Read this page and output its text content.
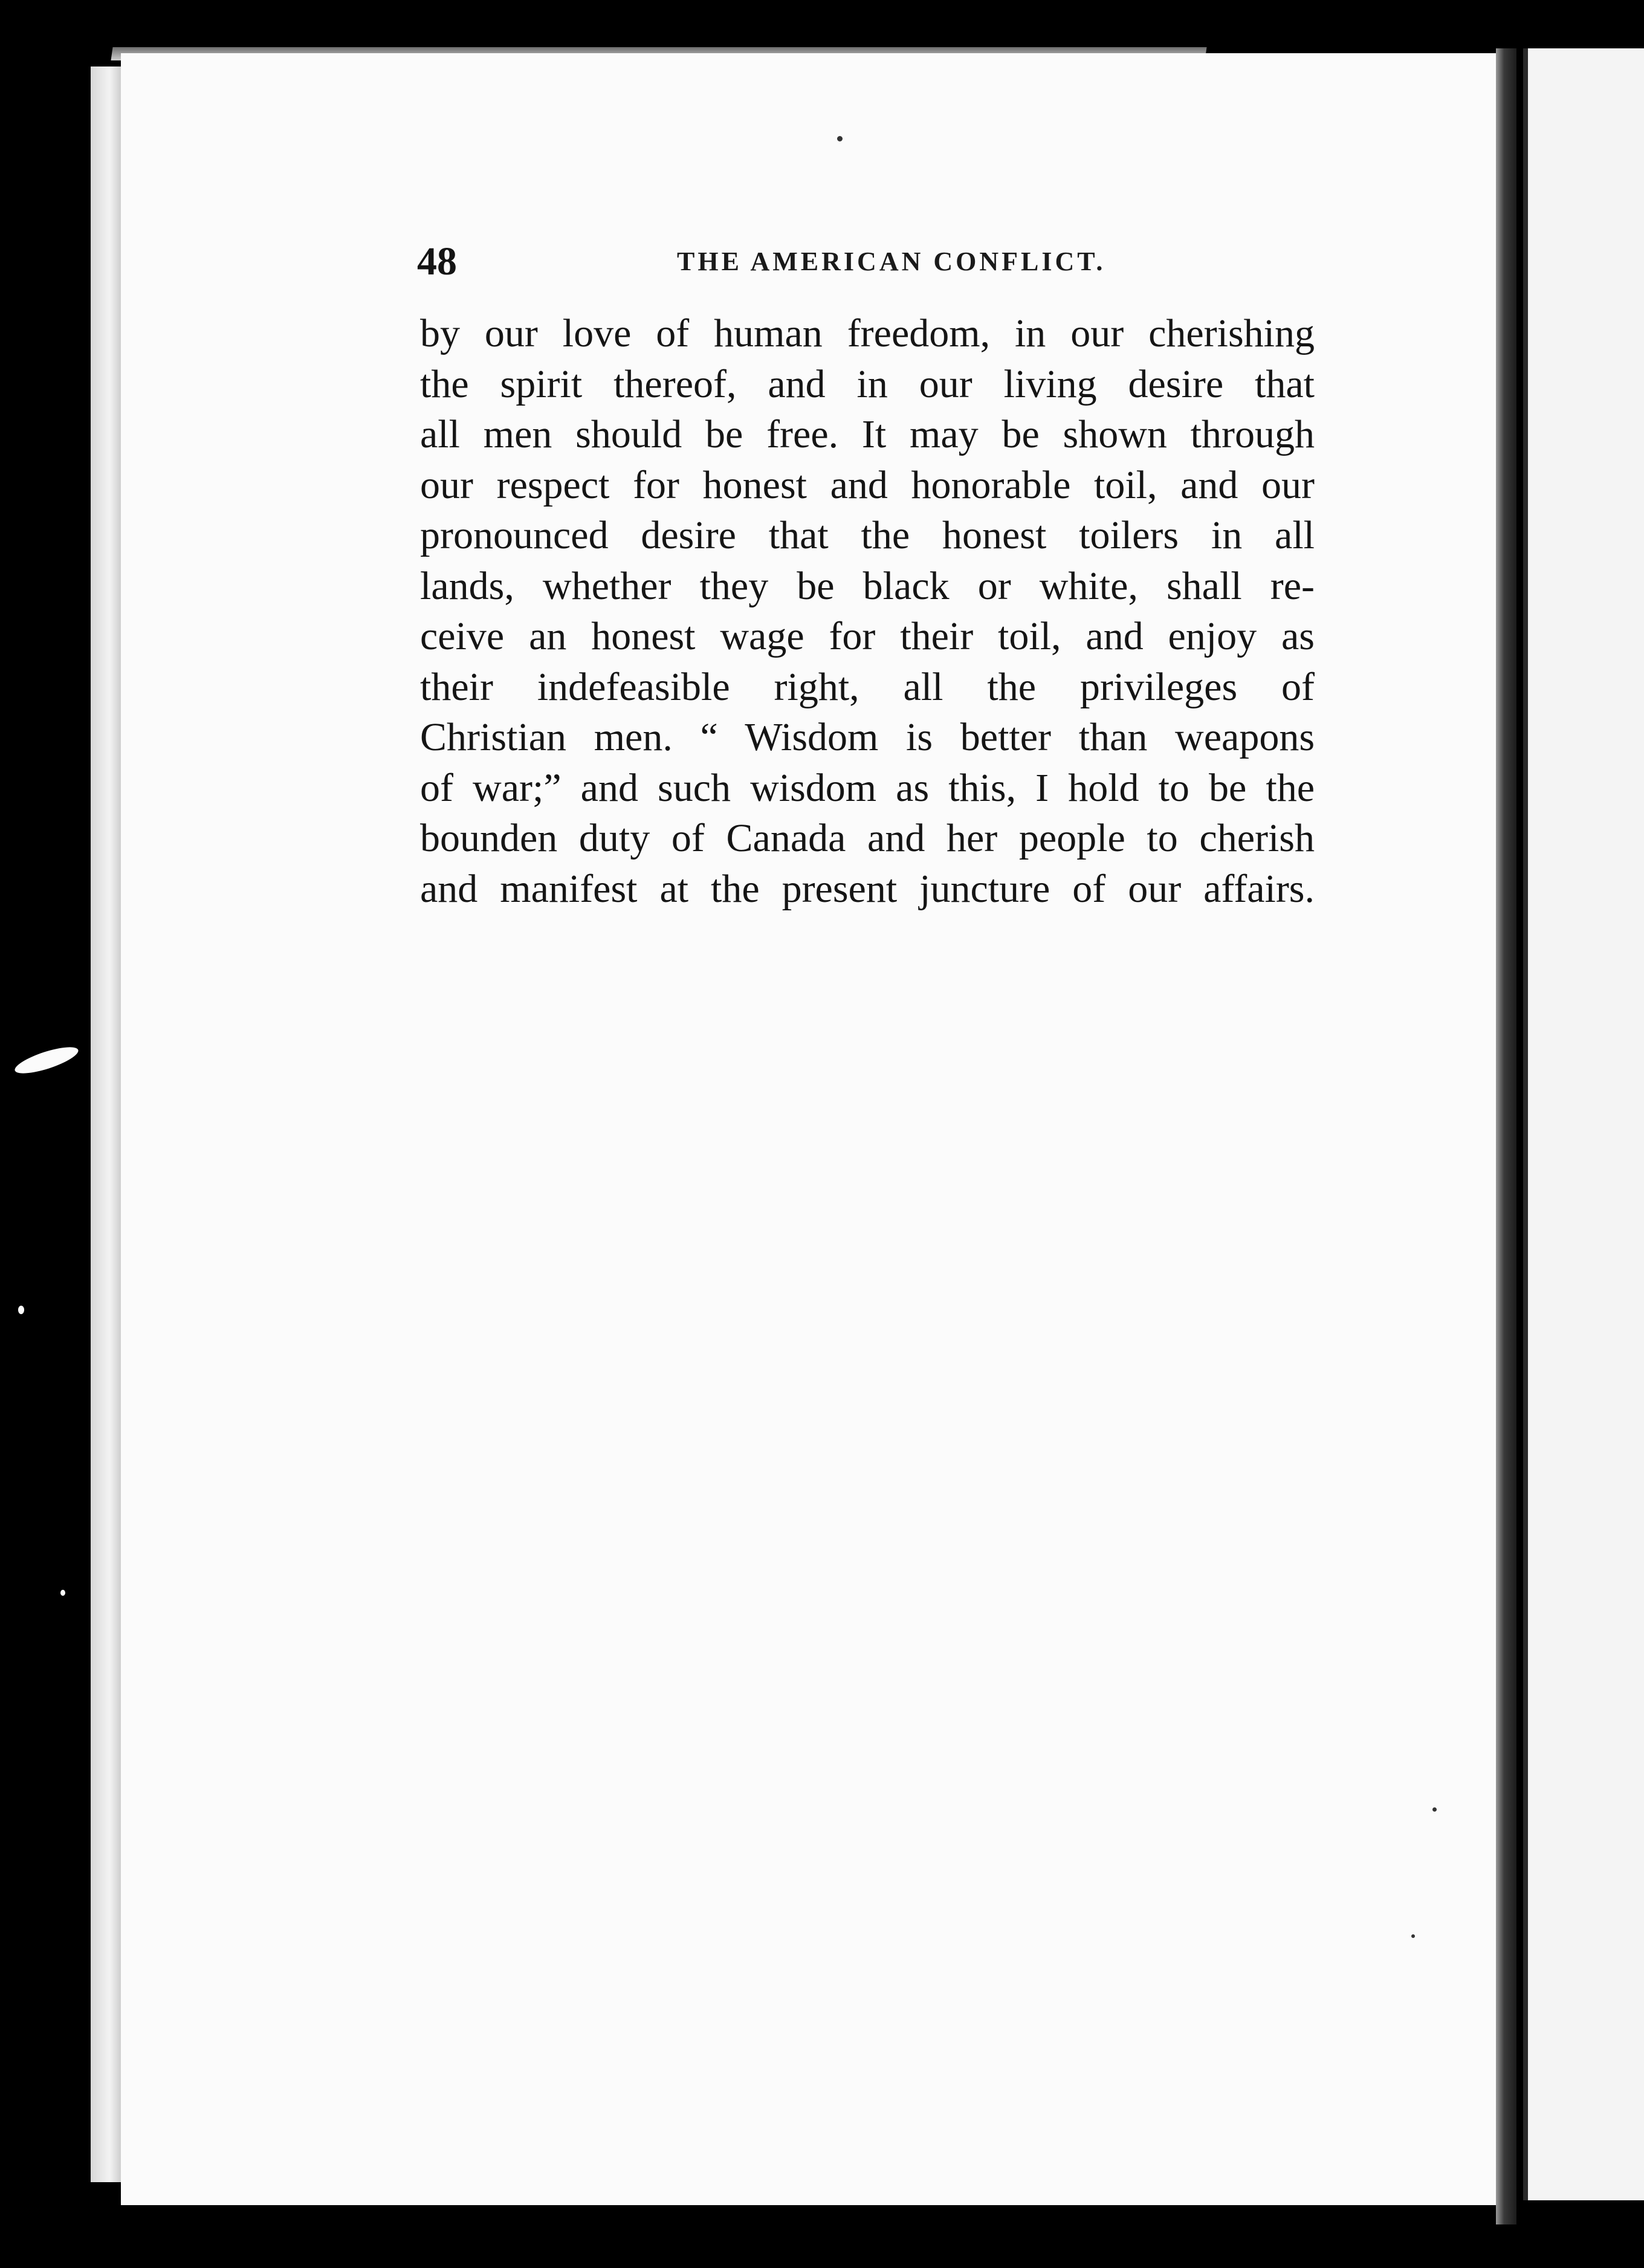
48	THE AMERICAN CONFLICT.
by our love of human freedom, in our cherishing
the spirit thereof, and in our living desire that
all men should be free. It may be shown through
our respect for honest and honorable toil, and our
pronounced desire that the honest toilers in all
lands, whether they be black or white, shall re-
ceive an honest wage for their toil, and enjoy as
their indefeasible right, all the privileges of
Christian men. “ Wisdom is better than weapons
of war;” and such wisdom as this, I hold to be the
bounden duty of Canada and her people to cherish
and manifest at the present juncture of our affairs.
